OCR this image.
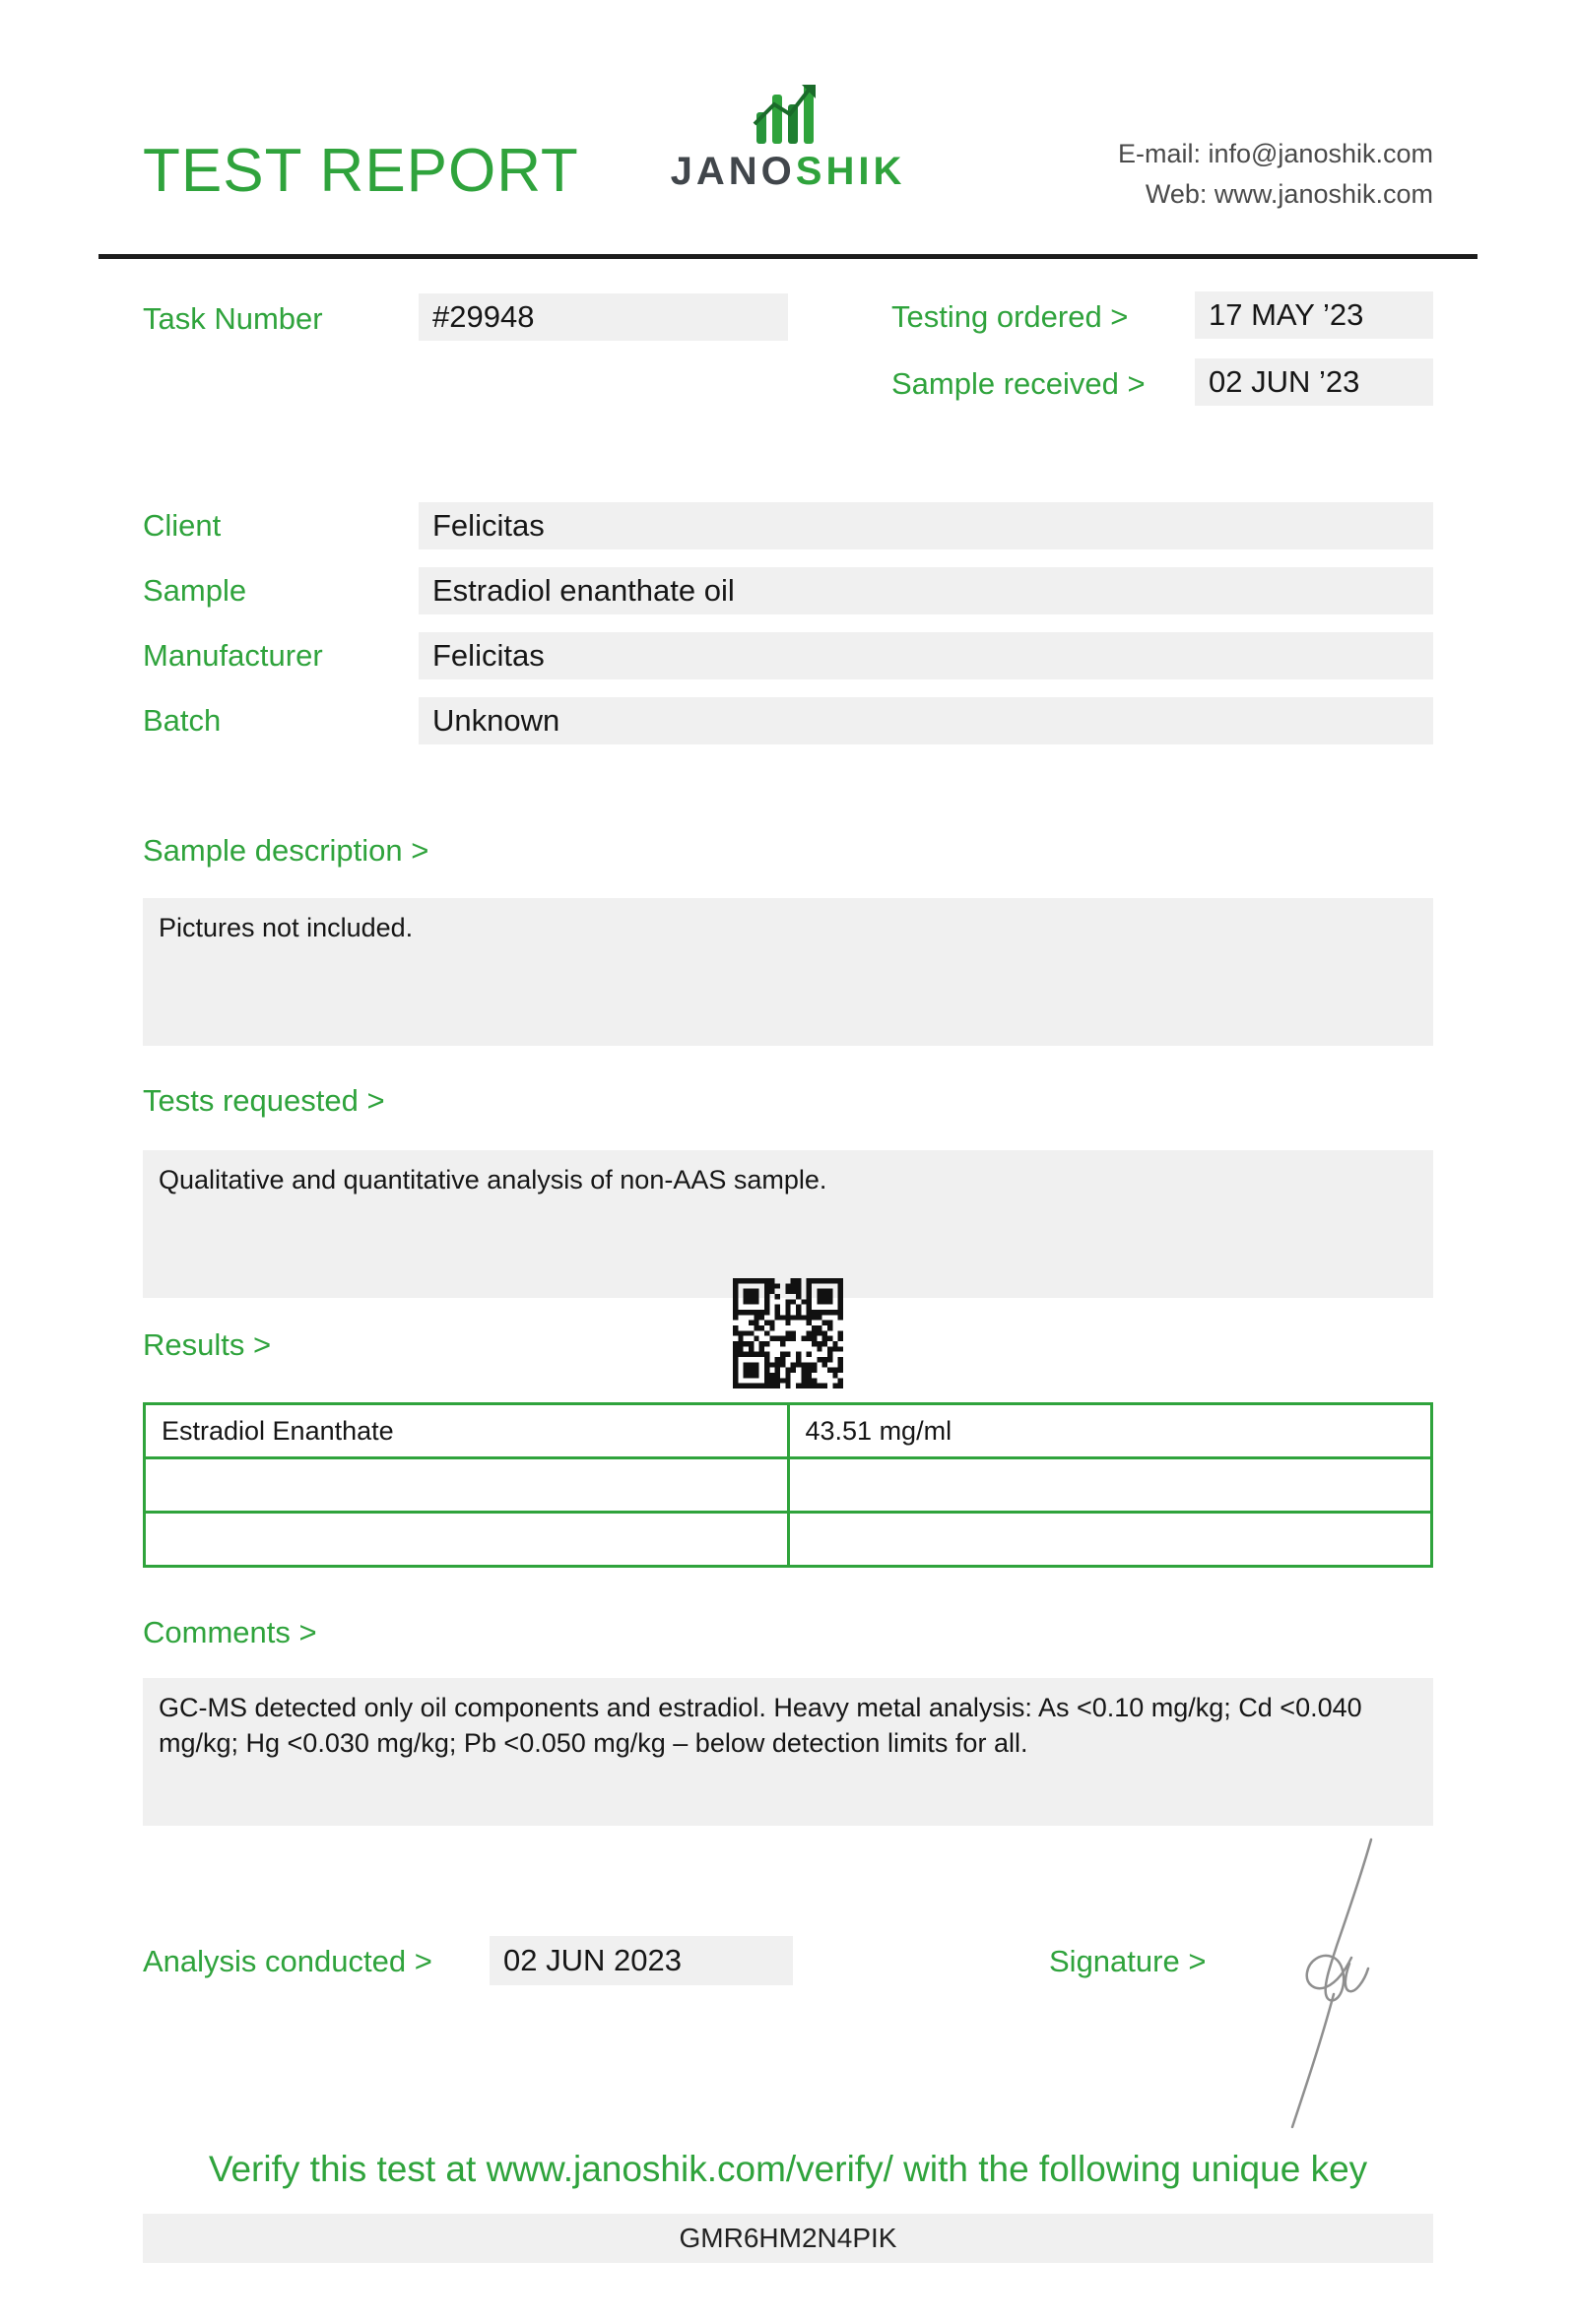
TEST REPORT	JANOSHIK	E-mail: info@janoshik.com
Web: www.janoshik.com
Task Number	#29948	Testing ordered >	17 MAY ’23
Sample received >	02 JUN ’23
Client	Felicitas
Sample	Estradiol enanthate oil
Manufacturer	Felicitas
Batch	Unknown
Sample description >
Pictures not included.
Tests requested >
Qualitative and quantitative analysis of non-AAS sample.
Results >
Estradiol Enanthate	43.51 mg/ml

Comments >
GC-MS detected only oil components and estradiol. Heavy metal analysis: As <0.10 mg/kg; Cd <0.040 mg/kg; Hg <0.030 mg/kg; Pb <0.050 mg/kg – below detection limits for all.
Analysis conducted >	02 JUN 2023	Signature >
Verify this test at www.janoshik.com/verify/ with the following unique key
GMR6HM2N4PIK
